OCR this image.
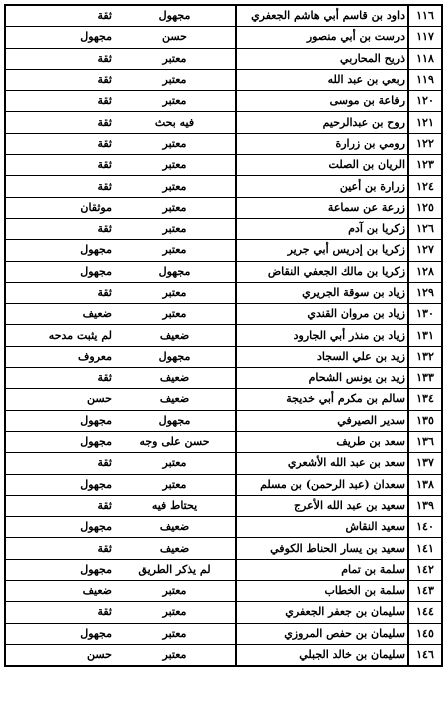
١١٦	داود بن قاسم أبي هاشم الجعفري	مجهول	ثقة
١١٧	درست بن أبي منصور	حسن	مجهول
١١٨	ذريح المحاربي	معتبر	ثقة
١١٩	ربعي بن عبد الله	معتبر	ثقة
١٢٠	رفاعة بن موسى	معتبر	ثقة
١٢١	روح بن عبدالرحيم	فيه بحث	ثقة
١٢٢	رومي بن زرارة	معتبر	ثقة
١٢٣	الريان بن الصلت	معتبر	ثقة
١٢٤	زرارة بن أعين	معتبر	ثقة
١٢٥	زرعة عن سماعة	معتبر	موثقان
١٢٦	زكريا بن آدم	معتبر	ثقة
١٢٧	زكريا بن إدريس أبي جرير	معتبر	مجهول
١٢٨	زكريا بن مالك الجعفي النقاض	مجهول	مجهول
١٢٩	زياد بن سوقة الجريري	معتبر	ثقة
١٣٠	زياد بن مروان القندي	معتبر	ضعيف
١٣١	زياد بن منذر أبي الجارود	ضعيف	لم يثبت مدحه
١٣٢	زيد بن علي السجاد	مجهول	معروف
١٣٣	زيد بن يونس الشحام	ضعيف	ثقة
١٣٤	سالم بن مكرم أبي خديجة	ضعيف	حسن
١٣٥	سدير الصيرفي	مجهول	مجهول
١٣٦	سعد بن طريف	حسن على وجه	مجهول
١٣٧	سعد بن عبد الله الأشعري	معتبر	ثقة
١٣٨	سعدان (عبد الرحمن) بن مسلم	معتبر	مجهول
١٣٩	سعيد بن عبد الله الأعرج	يحتاط فيه	ثقة
١٤٠	سعيد النقاش	ضعيف	مجهول
١٤١	سعيد بن يسار الحناط الكوفي	ضعيف	ثقة
١٤٢	سلمة بن تمام	لم يذكر الطريق	مجهول
١٤٣	سلمة بن الخطاب	معتبر	ضعيف
١٤٤	سليمان بن جعفر الجعفري	معتبر	ثقة
١٤٥	سليمان بن حفص المروزي	معتبر	مجهول
١٤٦	سليمان بن خالد الجبلي	معتبر	حسن
